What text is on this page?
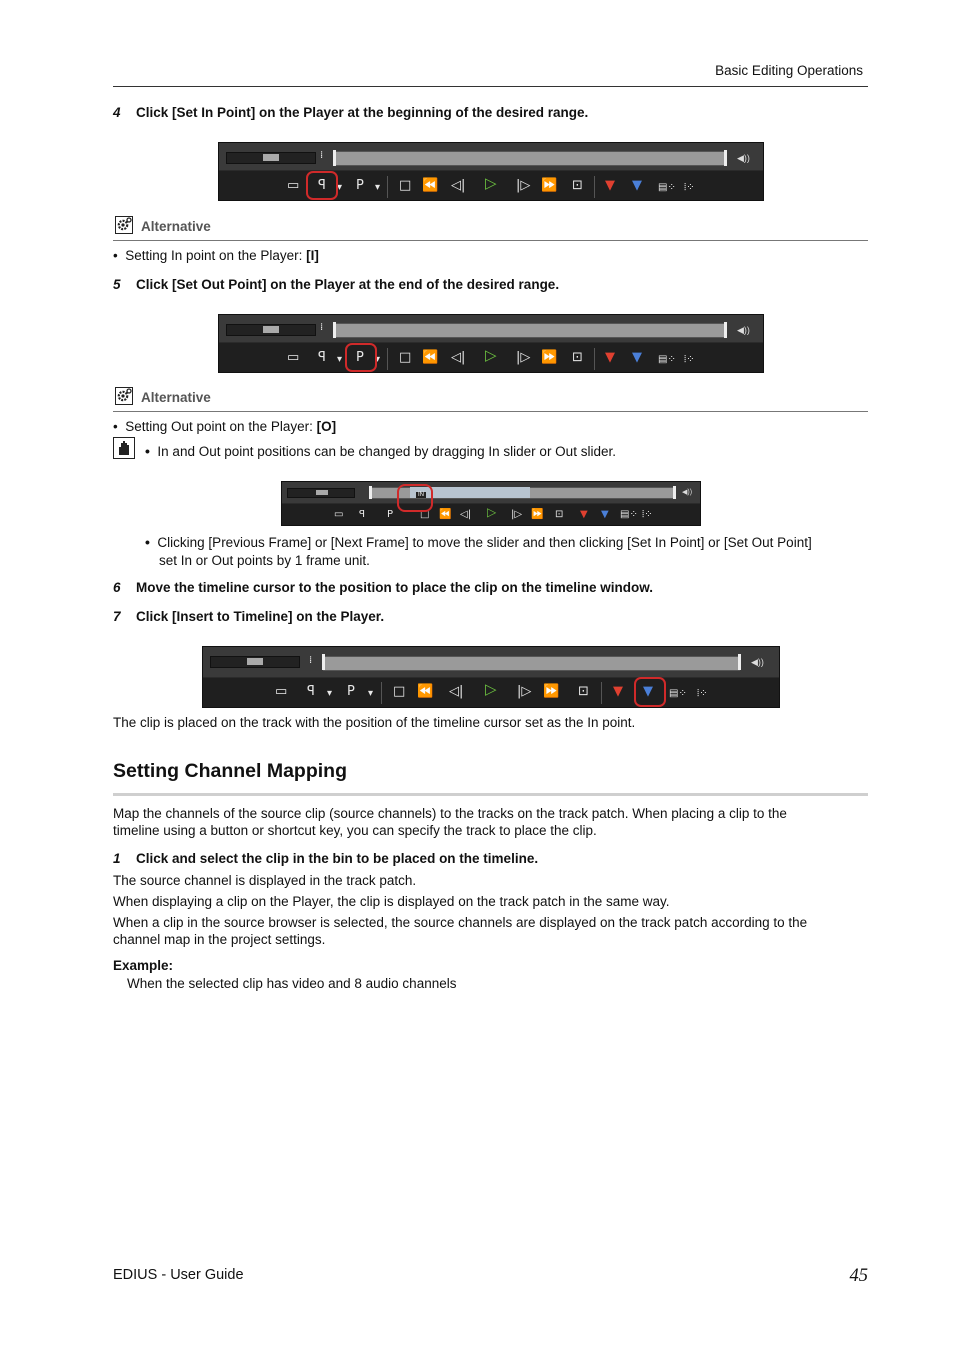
Basic Editing Operations
4 Click [Set In Point] on the Player at the beginning of the desired range.
⁞	◀))
▭ ꟼ ▾ P ▾ □ ⏪ ◁| ▷ |▷ ⏩ ⊡ ▼ ▼ ▤⁘ ⦙⁘
Alternative
•  Setting In point on the Player: [I]
5 Click [Set Out Point] on the Player at the end of the desired range.
⁞	◀))
▭ ꟼ ▾ P ▾ □ ⏪ ◁| ▷ |▷ ⏩ ⊡ ▼ ▼ ▤⁘ ⦙⁘
Alternative
•  Setting Out point on the Player: [O]
• In and Out point positions can be changed by dragging In slider or Out slider.
◀))
IN
▭ ꟼ P	□ ⏪ ◁| ▷ |▷ ⏩ ⊡ ▼ ▼ ▤⁘ ⦙⁘
• Clicking [Previous Frame] or [Next Frame] to move the slider and then clicking [Set In Point] or [Set Out Point]
set In or Out points by 1 frame unit.
6 Move the timeline cursor to the position to place the clip on the timeline window.
7 Click [Insert to Timeline] on the Player.
⁞	◀))
▭ ꟼ ▾ P ▾ □ ⏪ ◁| ▷ |▷ ⏩ ⊡ ▼ ▼ ▤⁘ ⦙⁘
The clip is placed on the track with the position of the timeline cursor set as the In point.
Setting Channel Mapping
Map the channels of the source clip (source channels) to the tracks on the track patch. When placing a clip to the
timeline using a button or shortcut key, you can specify the track to place the clip.
1 Click and select the clip in the bin to be placed on the timeline.
The source channel is displayed in the track patch.
When displaying a clip on the Player, the clip is displayed on the track patch in the same way.
When a clip in the source browser is selected, the source channels are displayed on the track patch according to the
channel map in the project settings.
Example:
When the selected clip has video and 8 audio channels
EDIUS - User Guide	45
